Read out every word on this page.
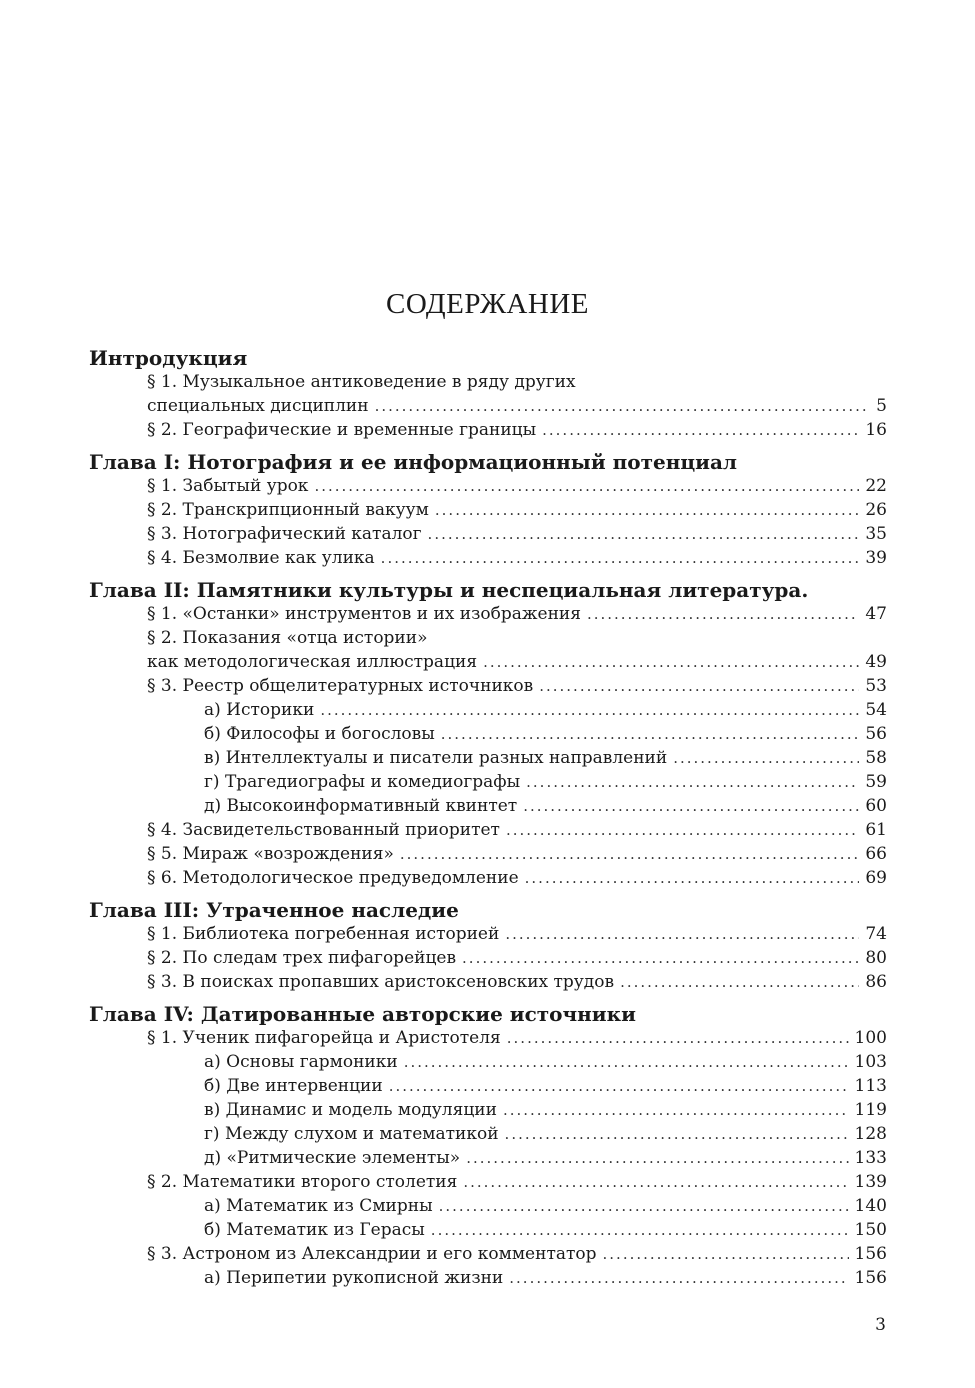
СОДЕРЖАНИЕ
Интродукция
§ 1. Музыкальное антиковедение в ряду других
специальных дисциплин .....	5
§ 2. Географические и временные границы .....	16
Глава I: Нотография и ее информационный потенциал
§ 1. Забытый урок .....	22
§ 2. Транскрипционный вакуум .....	26
§ 3. Нотографический каталог .....	35
§ 4. Безмолвие как улика .....	39
Глава II: Памятники культуры и неспециальная литература.
§ 1. «Останки» инструментов и их изображения .....	47
§ 2. Показания «отца истории»
как методологическая иллюстрация .....	49
§ 3. Реестр общелитературных источников .....	53
а) Историки .....	54
б) Философы и богословы .....	56
в) Интеллектуалы и писатели разных направлений .....	58
г) Трагедиографы и комедиографы .....	59
д) Высокоинформативный квинтет .....	60
§ 4. Засвидетельствованный приоритет .....	61
§ 5. Мираж «возрождения» .....	66
§ 6. Методологическое предуведомление .....	69
Глава III: Утраченное наследие
§ 1. Библиотека погребенная историей .....	74
§ 2. По следам трех пифагорейцев .....	80
§ 3. В поисках пропавших аристоксеновских трудов .....	86
Глава IV: Датированные авторские источники
§ 1. Ученик пифагорейца и Аристотеля .....	100
а) Основы гармоники .....	103
б) Две интервенции .....	113
в) Динамис и модель модуляции .....	119
г) Между слухом и математикой .....	128
д) «Ритмические элементы» .....	133
§ 2. Математики второго столетия .....	139
а) Математик из Смирны .....	140
б) Математик из Герасы .....	150
§ 3. Астроном из Александрии и его комментатор .....	156
а) Перипетии рукописной жизни .....	156
3
